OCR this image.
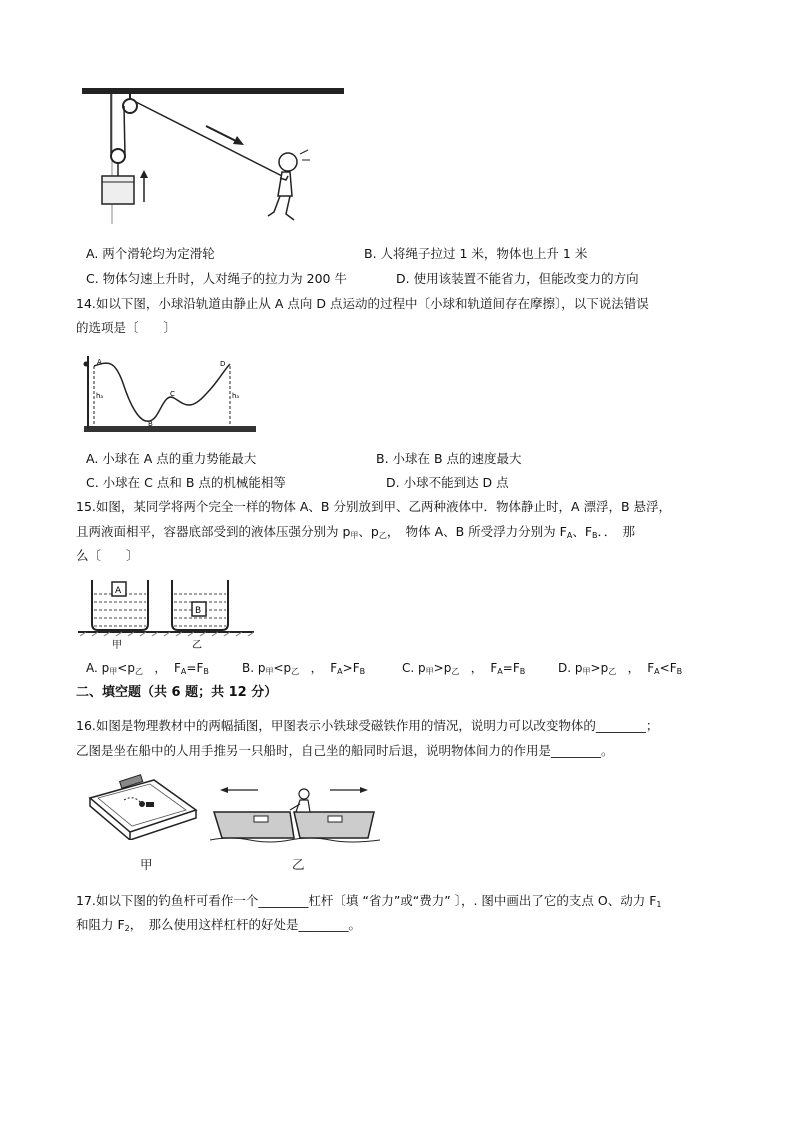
A. 两个滑轮均为定滑轮	B. 人将绳子拉过 1 米，物体也上升 1 米
C. 物体匀速上升时，人对绳子的拉力为 200 牛	D. 使用该装置不能省力，但能改变力的方向
14.如以下图，小球沿轨道由静止从 A 点向 D 点运动的过程中〔小球和轨道间存在摩擦〕，以下说法错误
的选项是〔　　〕
A
B
C
D
hₐ	hₐ
A. 小球在 A 点的重力势能最大	B. 小球在 B 点的速度最大
C. 小球在 C 点和 B 点的机械能相等	D. 小球不能到达 D 点
15.如图，某同学将两个完全一样的物体 A、B 分别放到甲、乙两种液体中．物体静止时，A 漂浮，B 悬浮，
且两液面相平，容器底部受到的液体压强分别为 $p_甲$、$p_乙$，　物体 A、B 所受浮力分别为 $F_A$、$F_B$．．　那
么〔　　〕
A
B
甲	乙
A. $p_甲<p_乙$   ，  $F_A=F_B$	B. $p_甲<p_乙$   ，  $F_A>F_B$	C. $p_甲>p_乙$   ，  $F_A=F_B$	D. $p_甲>p_乙$   ，  $F_A<F_B$
二、填空题（共 6 题；共 12 分）
16.如图是物理教材中的两幅插图，甲图表示小铁球受磁铁作用的情况，说明力可以改变物体的________；
乙图是坐在船中的人用手推另一只船时，自己坐的船同时后退，说明物体间力的作用是________。
甲	乙
17.如以下图的钓鱼杆可看作一个________杠杆〔填 “省力”或“费力” 〕，. 图中画出了它的支点 O、动力 $F_1$
和阻力 $F_2$，　那么使用这样杠杆的好处是________。
